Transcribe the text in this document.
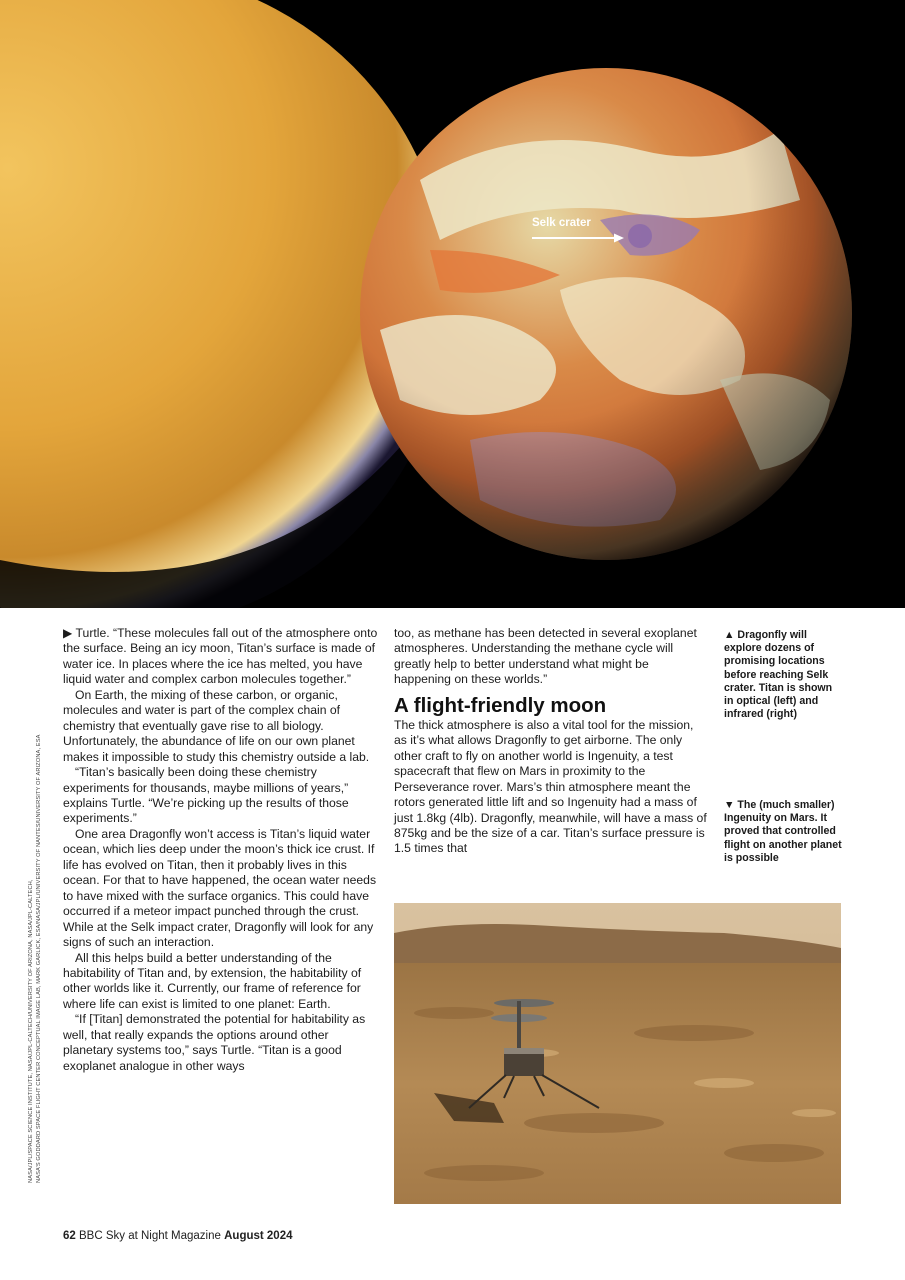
Selk crater
NASA/JPL/SPACE SCIENCE INSTITUTE, NASA/JPL-CALTECH/UNIVERSITY OF ARIZONA, NASA/JPL-CALTECH, NASA’S GODDARD SPACE FLIGHT CENTER CONCEPTUAL IMAGE LAB, MARK GARLICK, ESA/NASA/JPL/UNIVERSITY OF NANTES/UNIVERSITY OF ARIZONA, ESA

▶ Turtle. “These molecules fall out of the atmosphere onto the surface. Being an icy moon, Titan’s surface is made of water ice. In places where the ice has melted, you have liquid water and complex carbon molecules together.”

On Earth, the mixing of these carbon, or organic, molecules and water is part of the complex chain of chemistry that eventually gave rise to all biology. Unfortunately, the abundance of life on our own planet makes it impossible to study this chemistry outside a lab.

“Titan’s basically been doing these chemistry experiments for thousands, maybe millions of years,” explains Turtle. “We’re picking up the results of those experiments.”

One area Dragonfly won’t access is Titan’s liquid water ocean, which lies deep under the moon’s thick ice crust. If life has evolved on Titan, then it probably lives in this ocean. For that to have happened, the ocean water needs to have mixed with the surface organics. This could have occurred if a meteor impact punched through the crust. While at the Selk impact crater, Dragonfly will look for any signs of such an interaction.

All this helps build a better understanding of the habitability of Titan and, by extension, the habitability of other worlds like it. Currently, our frame of reference for where life can exist is limited to one planet: Earth.

“If [Titan] demonstrated the potential for habitability as well, that really expands the options around other planetary systems too,” says Turtle. “Titan is a good exoplanet analogue in other ways

too, as methane has been detected in several exoplanet atmospheres. Understanding the methane cycle will greatly help to better understand what might be happening on these worlds.”

A flight-friendly moon

The thick atmosphere is also a vital tool for the mission, as it’s what allows Dragonfly to get airborne. The only other craft to fly on another world is Ingenuity, a test spacecraft that flew on Mars in proximity to the Perseverance rover. Mars’s thin atmosphere meant the rotors generated little lift and so Ingenuity had a mass of just 1.8kg (4lb). Dragonfly, meanwhile, will have a mass of 875kg and be the size of a car. Titan’s surface pressure is 1.5 times that

▲ Dragonfly will explore dozens of promising locations before reaching Selk crater. Titan is shown in optical (left) and infrared (right)
▼ The (much smaller) Ingenuity on Mars. It proved that controlled flight on another planet is possible
62 BBC Sky at Night Magazine August 2024
